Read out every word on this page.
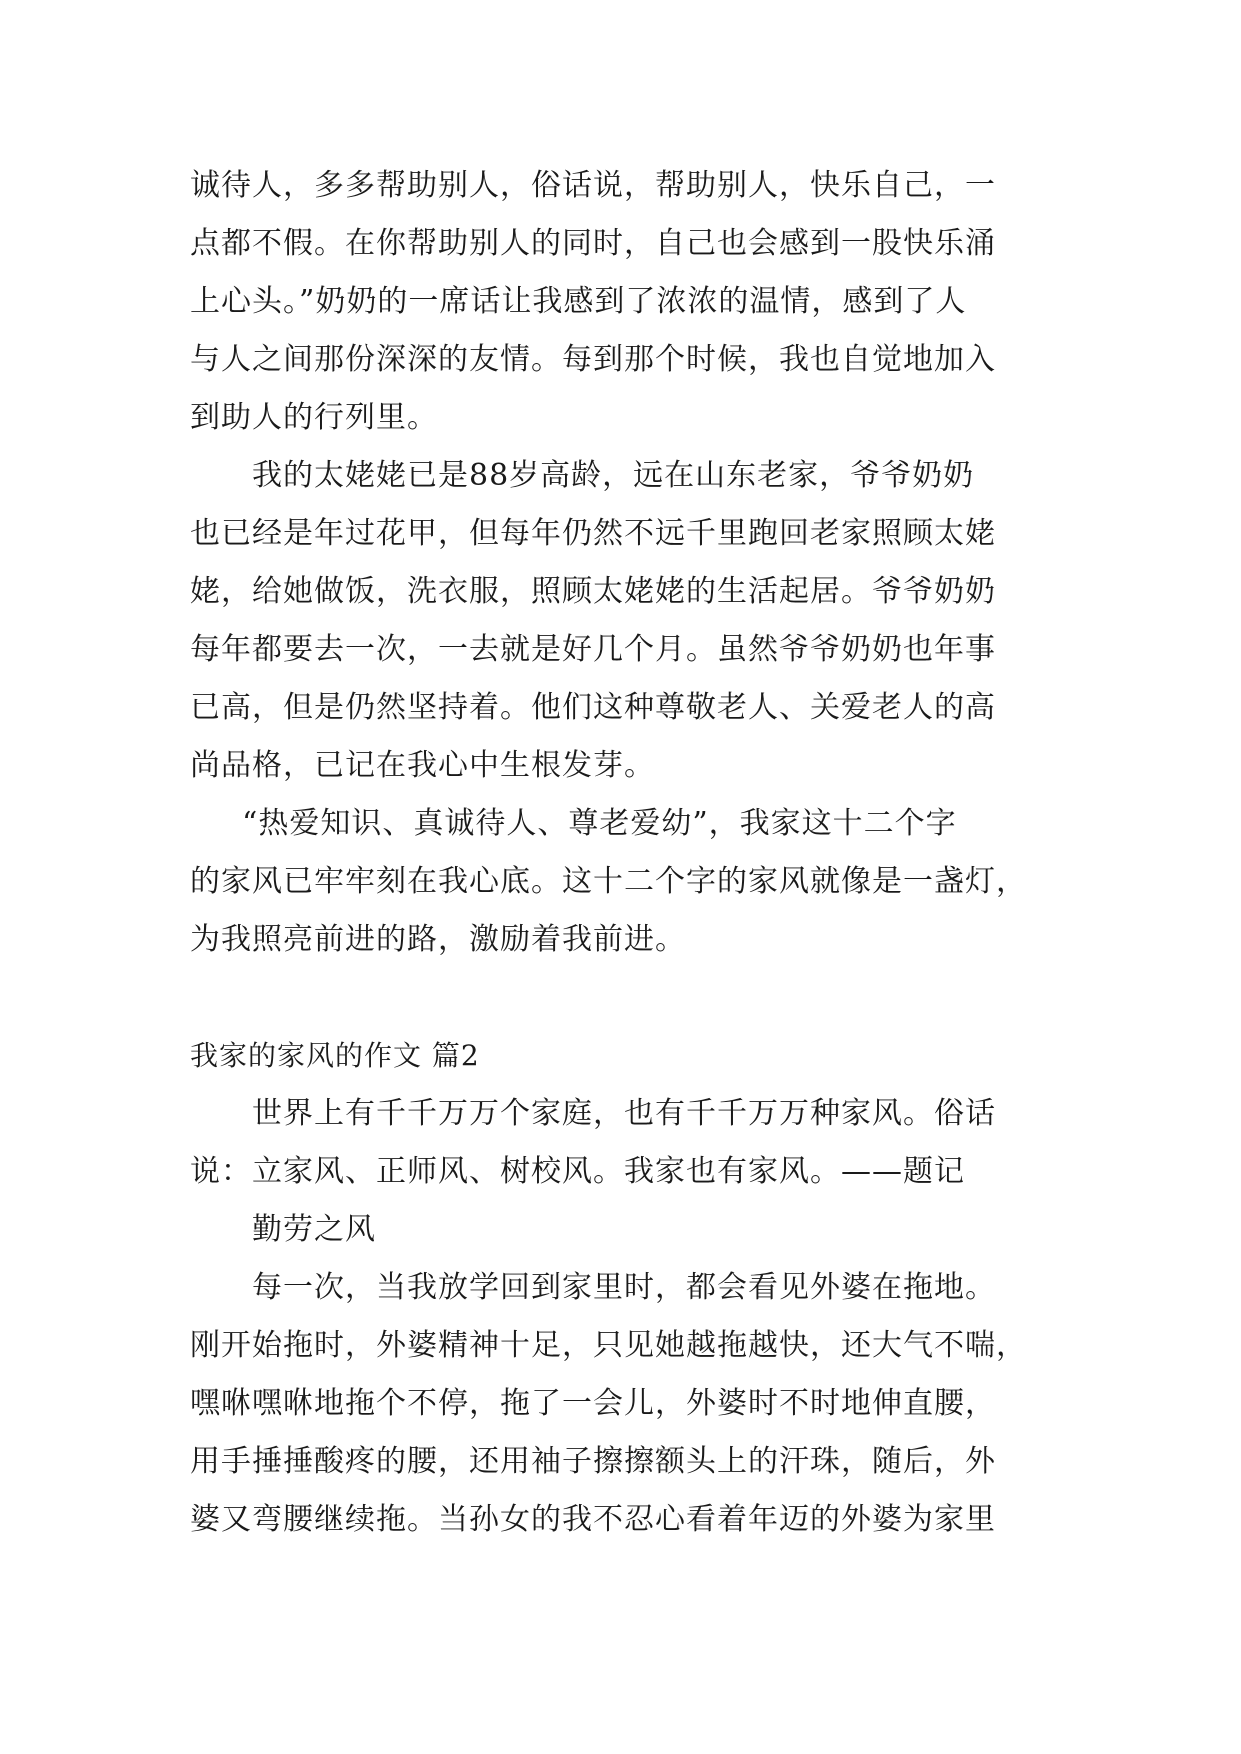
诚待人，多多帮助别人，俗话说，帮助别人，快乐自己，一
点都不假。在你帮助别人的同时，自己也会感到一股快乐涌
上心头。”奶奶的一席话让我感到了浓浓的温情，感到了人
与人之间那份深深的友情。每到那个时候，我也自觉地加入
到助人的行列里。
我的太姥姥已是88岁高龄，远在山东老家，爷爷奶奶
也已经是年过花甲，但每年仍然不远千里跑回老家照顾太姥
姥，给她做饭，洗衣服，照顾太姥姥的生活起居。爷爷奶奶
每年都要去一次，一去就是好几个月。虽然爷爷奶奶也年事
已高，但是仍然坚持着。他们这种尊敬老人、关爱老人的高
尚品格，已记在我心中生根发芽。
“热爱知识、真诚待人、尊老爱幼”，我家这十二个字
的家风已牢牢刻在我心底。这十二个字的家风就像是一盏灯，
为我照亮前进的路，激励着我前进。
我家的家风的作文 篇2
世界上有千千万万个家庭，也有千千万万种家风。俗话
说：立家风、正师风、树校风。我家也有家风。——题记
勤劳之风
每一次，当我放学回到家里时，都会看见外婆在拖地。
刚开始拖时，外婆精神十足，只见她越拖越快，还大气不喘，
嘿咻嘿咻地拖个不停，拖了一会儿，外婆时不时地伸直腰，
用手捶捶酸疼的腰，还用袖子擦擦额头上的汗珠，随后，外
婆又弯腰继续拖。当孙女的我不忍心看着年迈的外婆为家里
